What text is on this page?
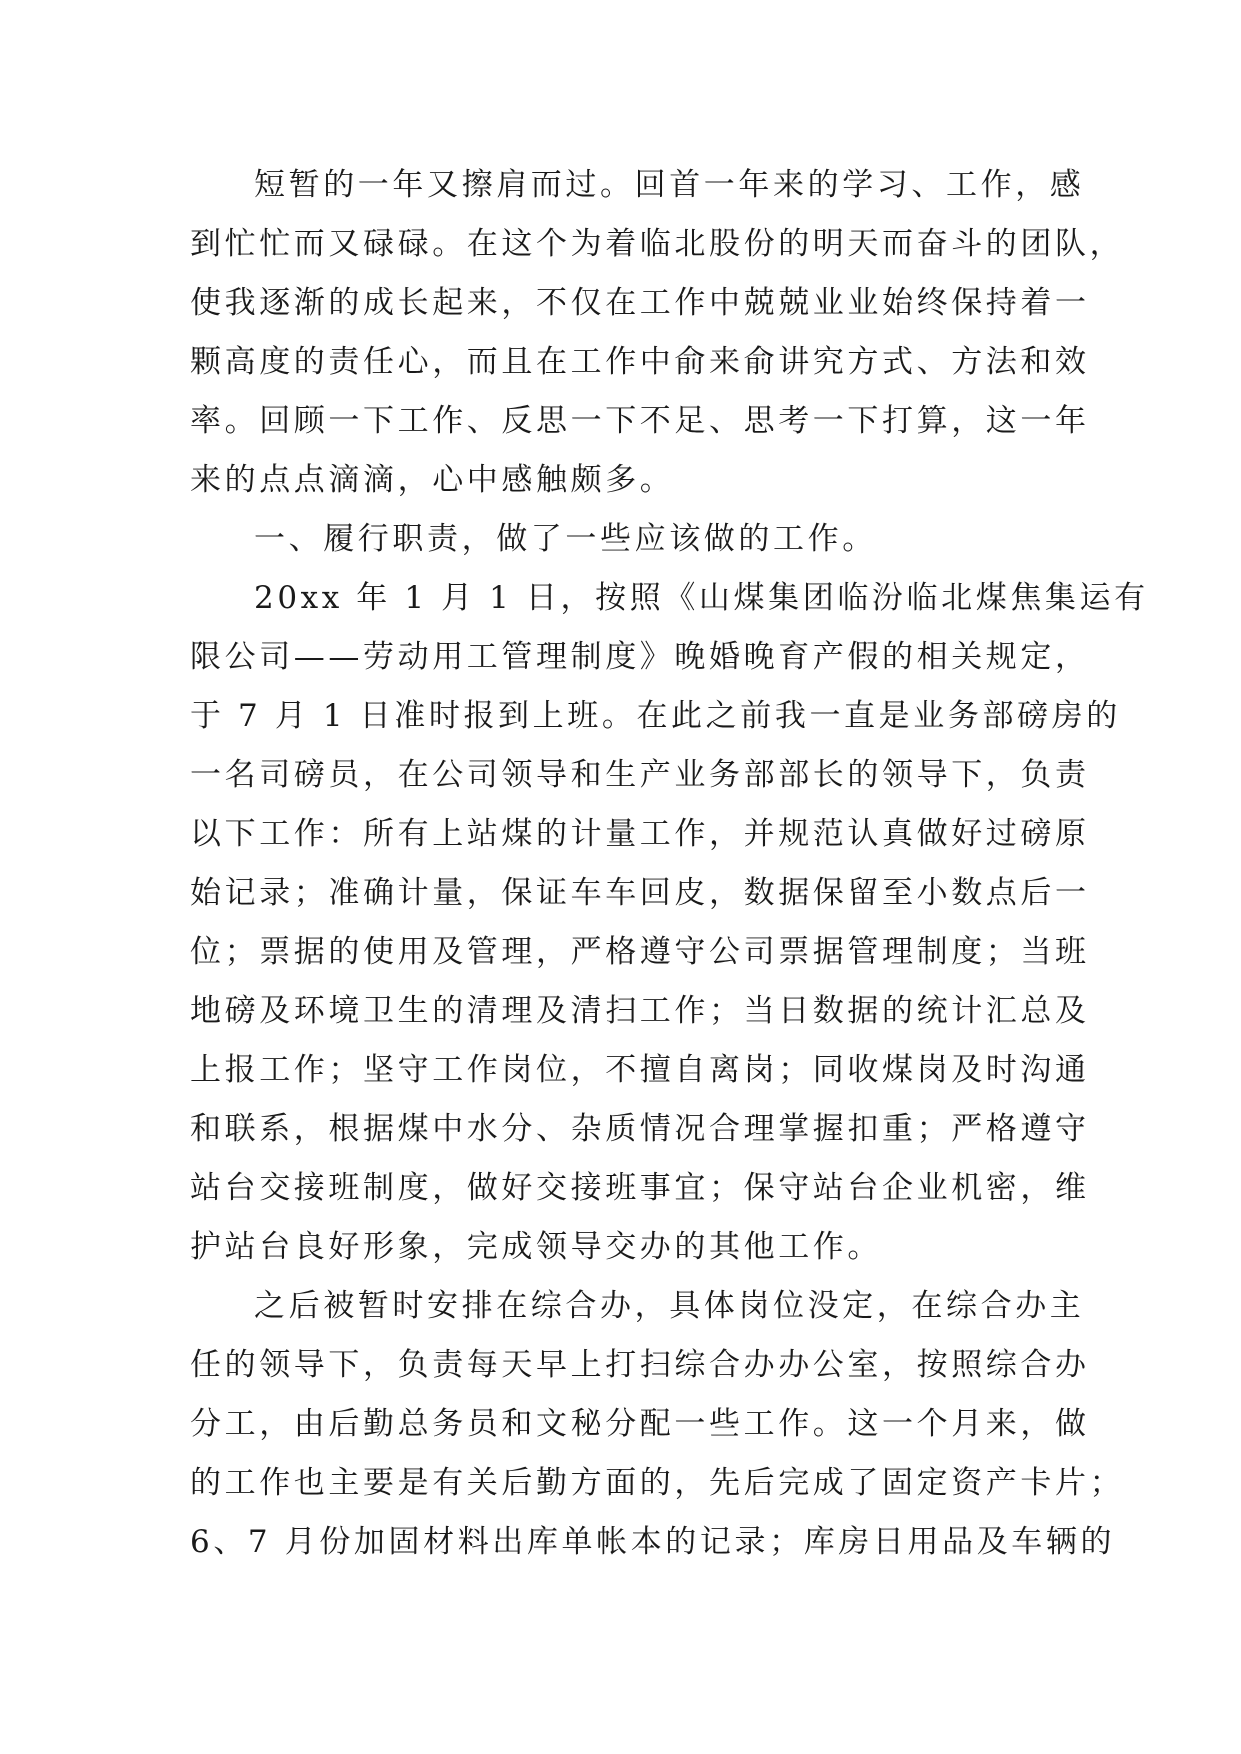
短暂的一年又擦肩而过。回首一年来的学习、工作，感
到忙忙而又碌碌。在这个为着临北股份的明天而奋斗的团队，
使我逐渐的成长起来，不仅在工作中兢兢业业始终保持着一
颗高度的责任心，而且在工作中俞来俞讲究方式、方法和效
率。回顾一下工作、反思一下不足、思考一下打算，这一年
来的点点滴滴，心中感触颇多。
一、履行职责，做了一些应该做的工作。
20xx 年 1 月 1 日，按照《山煤集团临汾临北煤焦集运有
限公司——劳动用工管理制度》晚婚晚育产假的相关规定，
于 7 月 1 日准时报到上班。在此之前我一直是业务部磅房的
一名司磅员，在公司领导和生产业务部部长的领导下，负责
以下工作：所有上站煤的计量工作，并规范认真做好过磅原
始记录；准确计量，保证车车回皮，数据保留至小数点后一
位；票据的使用及管理，严格遵守公司票据管理制度；当班
地磅及环境卫生的清理及清扫工作；当日数据的统计汇总及
上报工作；坚守工作岗位，不擅自离岗；同收煤岗及时沟通
和联系，根据煤中水分、杂质情况合理掌握扣重；严格遵守
站台交接班制度，做好交接班事宜；保守站台企业机密，维
护站台良好形象，完成领导交办的其他工作。
之后被暂时安排在综合办，具体岗位没定，在综合办主
任的领导下，负责每天早上打扫综合办办公室，按照综合办
分工，由后勤总务员和文秘分配一些工作。这一个月来，做
的工作也主要是有关后勤方面的，先后完成了固定资产卡片；
6、7 月份加固材料出库单帐本的记录；库房日用品及车辆的
